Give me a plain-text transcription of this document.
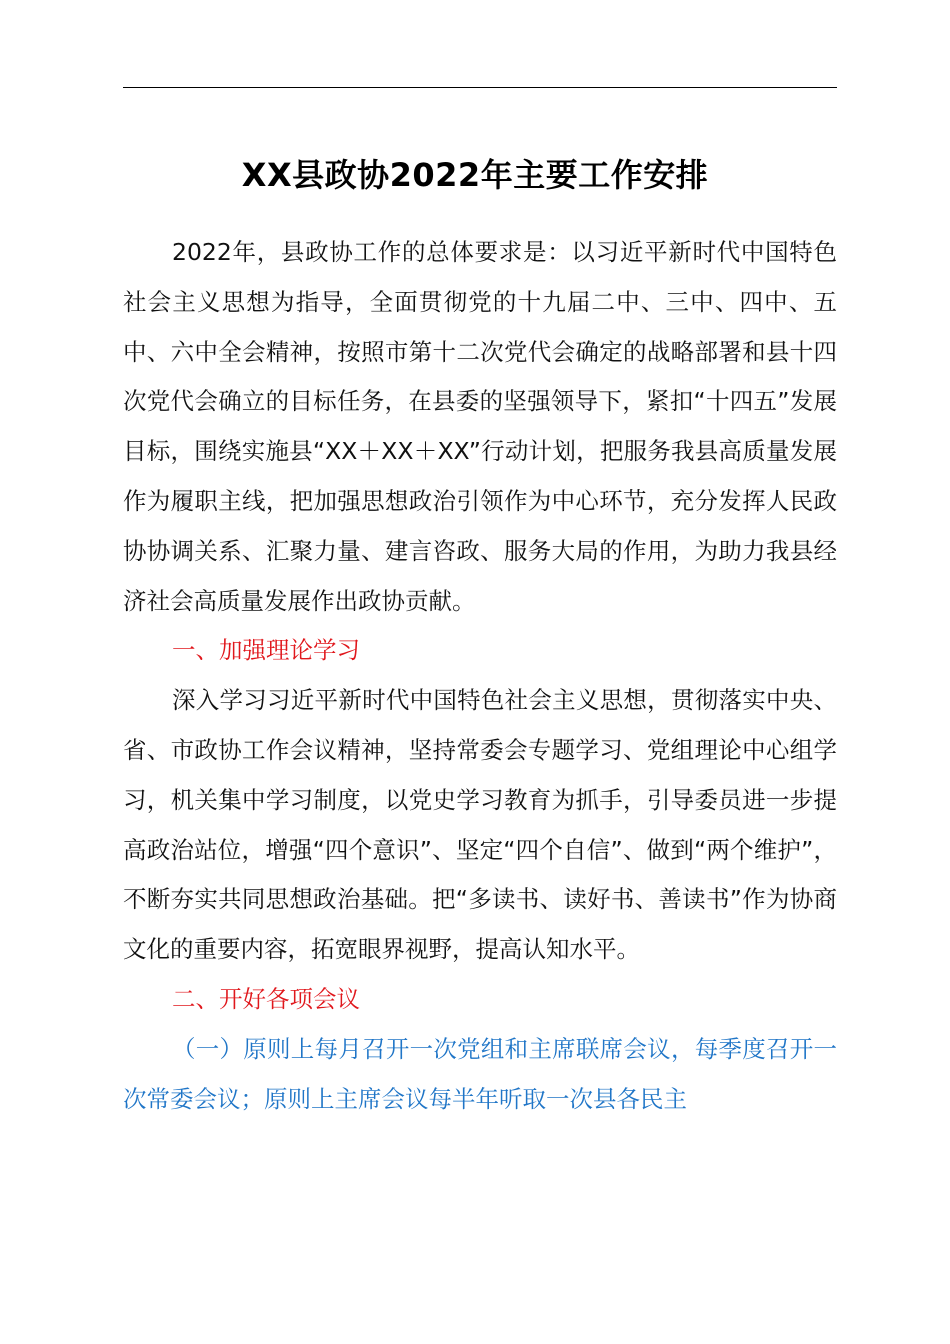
XX县政协2022年主要工作安排

2022年，县政协工作的总体要求是：以习近平新时代中国特色社会主义思想为指导，全面贯彻党的十九届二中、三中、四中、五中、六中全会精神，按照市第十二次党代会确定的战略部署和县十四次党代会确立的目标任务，在县委的坚强领导下，紧扣“十四五”发展目标，围绕实施县“XX＋XX＋XX”行动计划，把服务我县高质量发展作为履职主线，把加强思想政治引领作为中心环节，充分发挥人民政协协调关系、汇聚力量、建言咨政、服务大局的作用，为助力我县经济社会高质量发展作出政协贡献。

一、加强理论学习

深入学习习近平新时代中国特色社会主义思想，贯彻落实中央、省、市政协工作会议精神，坚持常委会专题学习、党组理论中心组学习，机关集中学习制度，以党史学习教育为抓手，引导委员进一步提高政治站位，增强“四个意识”、坚定“四个自信”、做到“两个维护”，不断夯实共同思想政治基础。把“多读书、读好书、善读书”作为协商文化的重要内容，拓宽眼界视野，提高认知水平。

二、开好各项会议

（一）原则上每月召开一次党组和主席联席会议，每季度召开一次常委会议；原则上主席会议每半年听取一次县各民主
